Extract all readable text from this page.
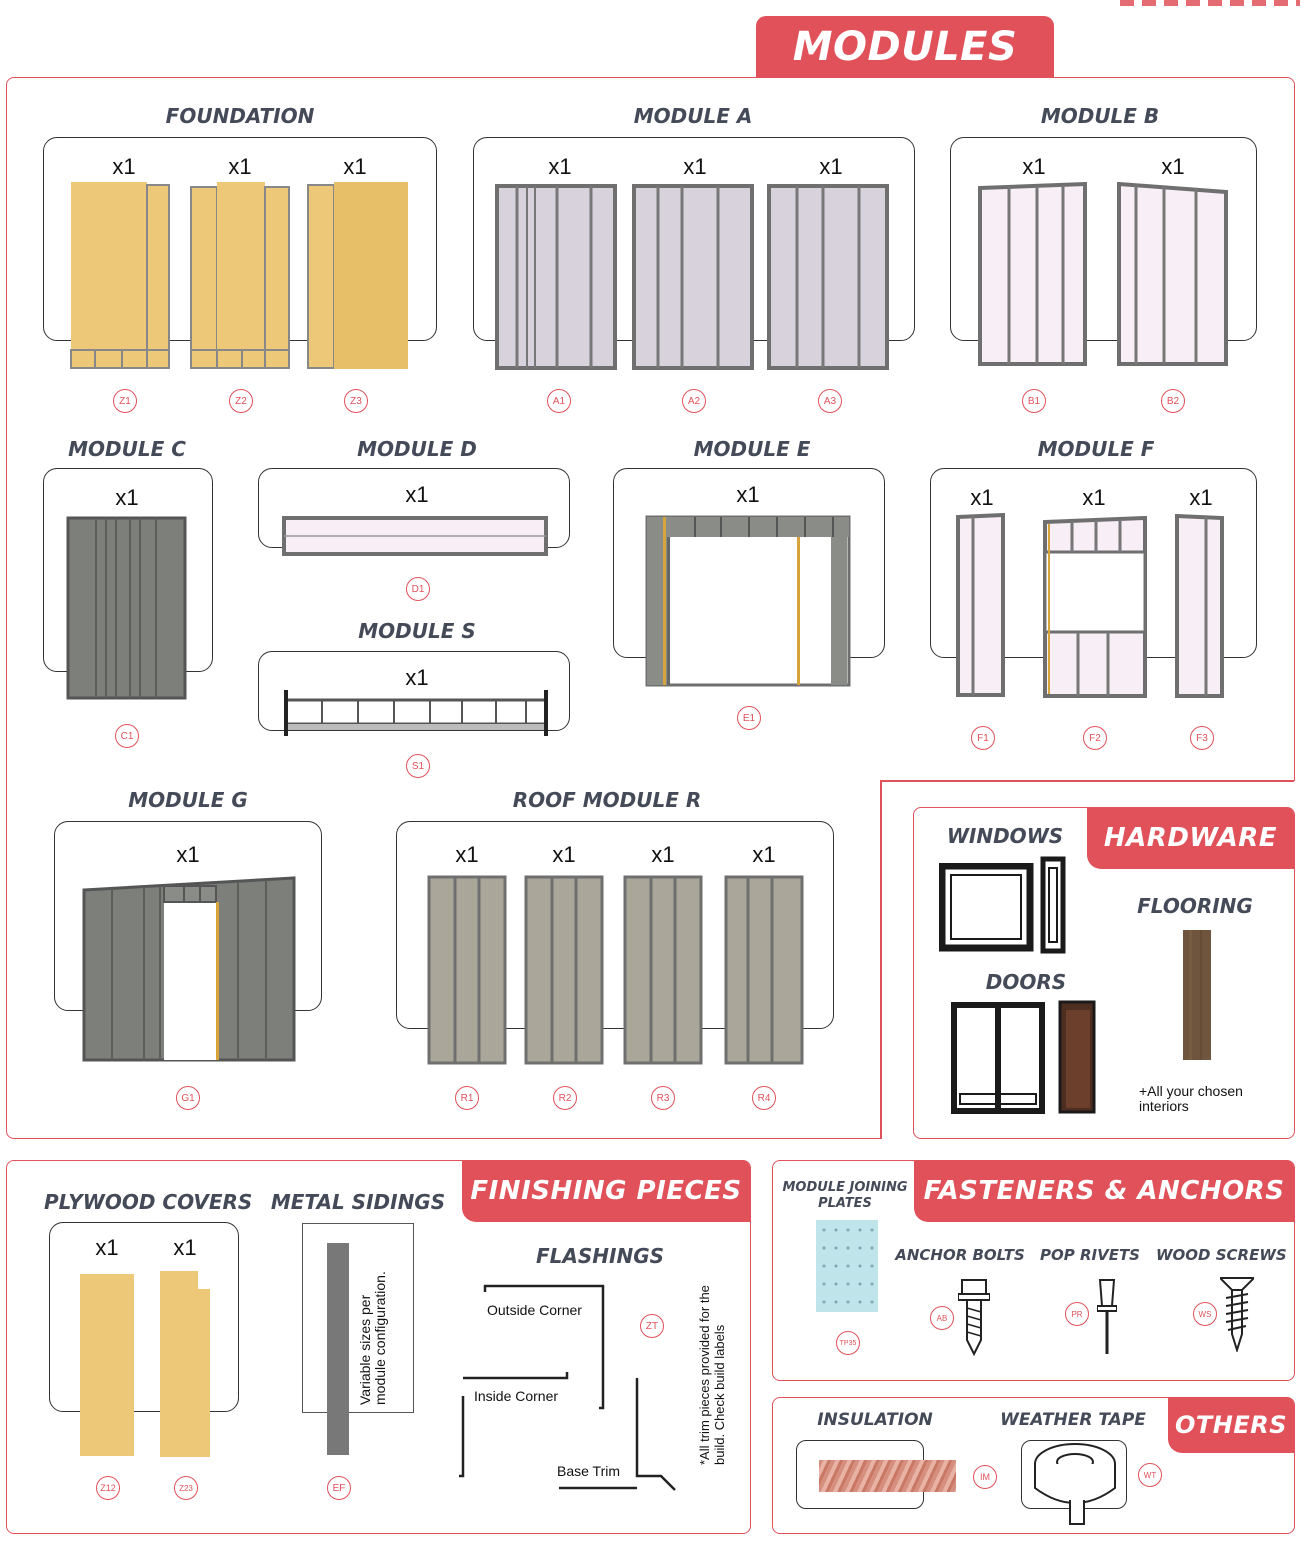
MODULES
FOUNDATION
x1	x1	x1
Z1	Z2	Z3
MODULE A
x1	x1	x1
A1	A2	A3
MODULE B
x1	x1
B1	B2
MODULE C
x1
C1
MODULE D
x1
D1
MODULE S
x1
S1
MODULE E
x1
E1
MODULE F
x1	x1	x1
F1	F2	F3
MODULE G
x1
G1
ROOF MODULE R
x1	x1	x1	x1
R1	R2	R3	R4
HARDWARE
WINDOWS
FLOORING
DOORS
+All your chosen interiors
FINISHING PIECES
PLYWOOD COVERS
x1	x1
Z12	Z23
METAL SIDINGS
Variable sizes per module configuration.
EF
FLASHINGS
Outside Corner
Inside Corner
Base Trim
ZT	*All trim pieces provided for the build. Check build labels
FASTENERS & ANCHORS
MODULE JOINING PLATES
TP35
ANCHOR BOLTS
AB
POP RIVETS
PR
WOOD SCREWS
WS
OTHERS
INSULATION
IM
WEATHER TAPE
WT
